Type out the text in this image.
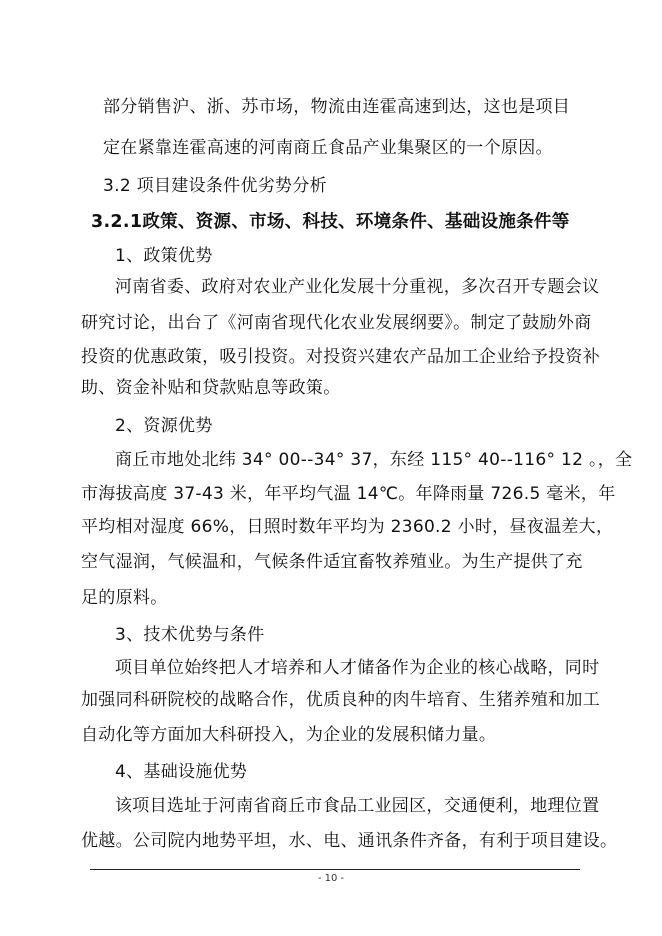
部分销售沪、浙、苏市场，物流由连霍高速到达，这也是项目
定在紧靠连霍高速的河南商丘食品产业集聚区的一个原因。
3.2 项目建设条件优劣势分析
3.2.1政策、资源、市场、科技、环境条件、基础设施条件等
1、政策优势
河南省委、政府对农业产业化发展十分重视，多次召开专题会议
研究讨论，出台了《河南省现代化农业发展纲要》。制定了鼓励外商
投资的优惠政策，吸引投资。对投资兴建农产品加工企业给予投资补
助、资金补贴和贷款贴息等政策。
2、资源优势
商丘市地处北纬 34° 00--34° 37，东经 115° 40--116° 12 。，全
市海拔高度 37-43 米，年平均气温 14℃。年降雨量 726.5 毫米，年
平均相对湿度 66%，日照时数年平均为 2360.2 小时，昼夜温差大，
空气湿润，气候温和，气候条件适宜畜牧养殖业。为生产提供了充
足的原料。
3、技术优势与条件
项目单位始终把人才培养和人才储备作为企业的核心战略，同时
加强同科研院校的战略合作，优质良种的肉牛培育、生猪养殖和加工
自动化等方面加大科研投入，为企业的发展积储力量。
4、基础设施优势
该项目选址于河南省商丘市食品工业园区，交通便利，地理位置
优越。公司院内地势平坦，水、电、通讯条件齐备，有利于项目建设。
- 10 -
